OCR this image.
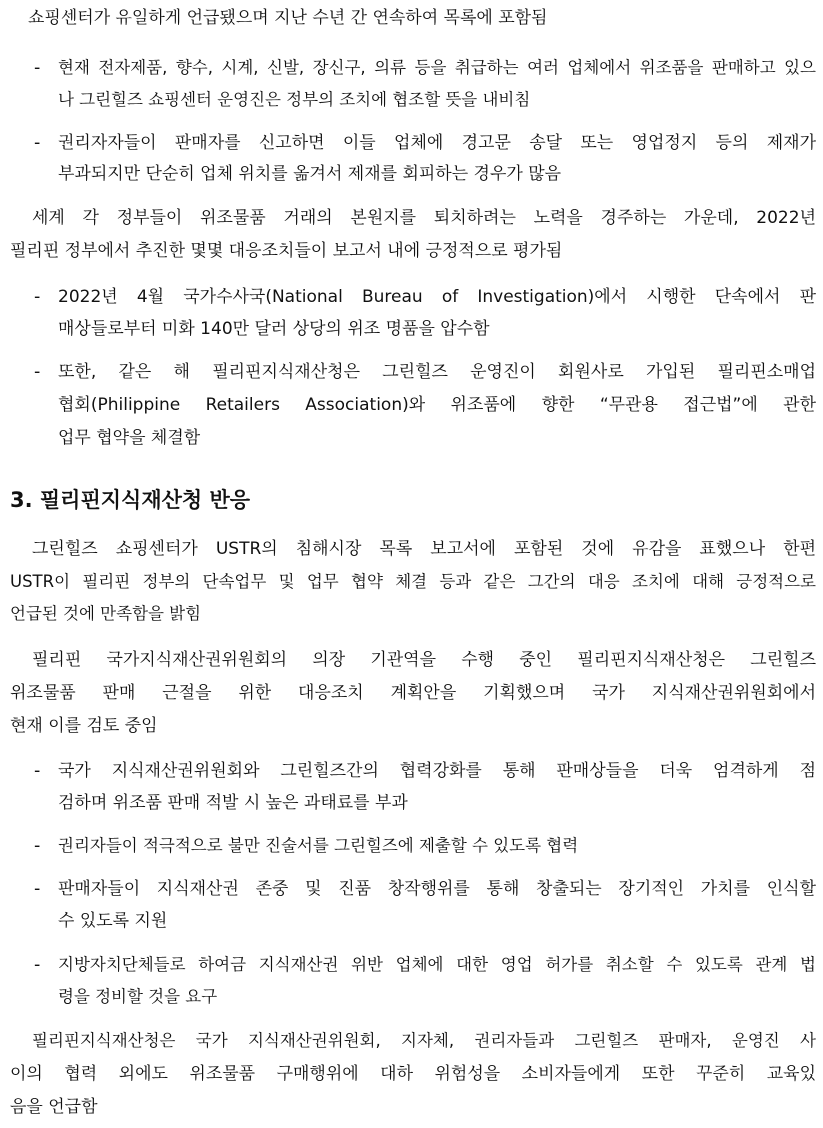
쇼핑센터가 유일하게 언급됐으며 지난 수년 간 연속하여 목록에 포함됨
- 현재 전자제품, 향수, 시계, 신발, 장신구, 의류 등을 취급하는 여러 업체에서 위조품을 판매하고 있으
나 그린힐즈 쇼핑센터 운영진은 정부의 조치에 협조할 뜻을 내비침
- 권리자자들이 판매자를 신고하면 이들 업체에 경고문 송달 또는 영업정지 등의 제재가
부과되지만 단순히 업체 위치를 옮겨서 제재를 회피하는 경우가 많음
세계 각 정부들이 위조물품 거래의 본원지를 퇴치하려는 노력을 경주하는 가운데, 2022년
필리핀 정부에서 추진한 몇몇 대응조치들이 보고서 내에 긍정적으로 평가됨
- 2022년 4월 국가수사국(National Bureau of Investigation)에서 시행한 단속에서 판
매상들로부터 미화 140만 달러 상당의 위조 명품을 압수함
- 또한, 같은 해 필리핀지식재산청은 그린힐즈 운영진이 회원사로 가입된 필리핀소매업
협회(Philippine Retailers Association)와 위조품에 향한 “무관용 접근법”에 관한
업무 협약을 체결함
3. 필리핀지식재산청 반응
그린힐즈 쇼핑센터가 USTR의 침해시장 목록 보고서에 포함된 것에 유감을 표했으나 한편
USTR이 필리핀 정부의 단속업무 및 업무 협약 체결 등과 같은 그간의 대응 조치에 대해 긍정적으로
언급된 것에 만족함을 밝힘
필리핀 국가지식재산권위원회의 의장 기관역을 수행 중인 필리핀지식재산청은 그린힐즈
위조물품 판매 근절을 위한 대응조치 계획안을 기획했으며 국가 지식재산권위원회에서
현재 이를 검토 중임
- 국가 지식재산권위원회와 그린힐즈간의 협력강화를 통해 판매상들을 더욱 엄격하게 점
검하며 위조품 판매 적발 시 높은 과태료를 부과
- 권리자들이 적극적으로 불만 진술서를 그린힐즈에 제출할 수 있도록 협력
- 판매자들이 지식재산권 존중 및 진품 창작행위를 통해 창출되는 장기적인 가치를 인식할
수 있도록 지원
- 지방자치단체들로 하여금 지식재산권 위반 업체에 대한 영업 허가를 취소할 수 있도록 관계 법
령을 정비할 것을 요구
필리핀지식재산청은 국가 지식재산권위원회, 지자체, 권리자들과 그린힐즈 판매자, 운영진 사
이의 협력 외에도 위조물품 구매행위에 대하 위험성을 소비자들에게 또한 꾸준히 교육있
음을 언급함
